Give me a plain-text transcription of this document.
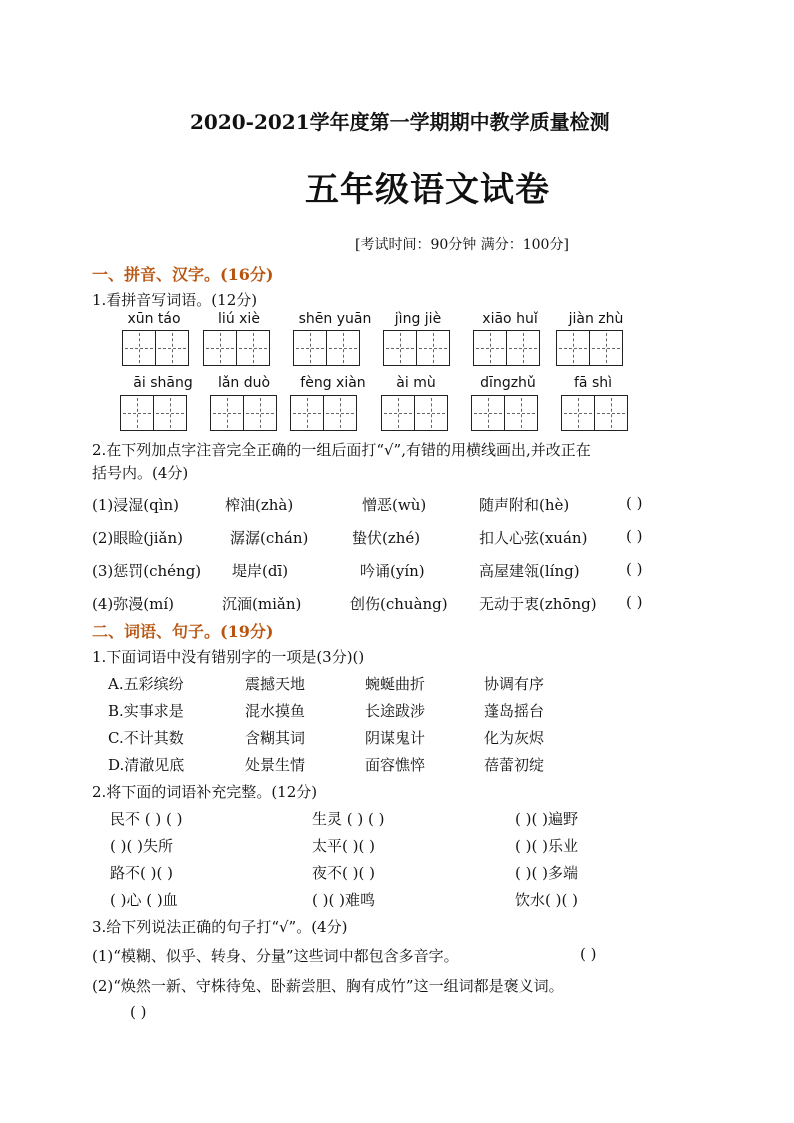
2020-2021学年度第一学期期中教学质量检测
五年级语文试卷
[考试时间：90分钟 满分：100分]
一、拼音、汉字。(16分)
1.看拼音写词语。(12分)
xūn táo	liú xiè	shēn yuān	jìng jiè	xiāo huǐ	jiàn zhù
āi shāng	lǎn duò	fèng xiàn	ài mù	dīngzhǔ	fā shì
2.在下列加点字注音完全正确的一组后面打“√”,有错的用横线画出,并改正在
括号内。(4分)
(1)浸湿(qìn)	榨油(zhà)	憎恶(wù)	随声附和(hè)	( )
(2)眼睑(jiǎn)	潺潺(chán)	蛰伏(zhé)	扣人心弦(xuán)	( )
(3)惩罚(chéng) 堤岸(dī)	吟诵(yín)	高屋建瓴(líng)	( )
(4)弥漫(mí)	沉湎(miǎn)	创伤(chuàng) 无动于衷(zhōng) ( )
二、词语、句子。(19分)
1.下面词语中没有错别字的一项是(3分)()
A.五彩缤纷	震撼天地	蜿蜒曲折	协调有序
B.实事求是	混水摸鱼	长途跋涉	蓬岛摇台
C.不计其数	含糊其词	阴谋鬼计	化为灰烬
D.清澈见底	处景生情	面容憔悴	蓓蕾初绽
2.将下面的词语补充完整。(12分)
民不 ( ) ( )	生灵 ( ) ( )	( )( )遍野
( )( )失所	太平( )( )	( )( )乐业
路不( )( )	夜不( )( )	( )( )多端
( )心 ( )血	( )( )难鸣	饮水( )( )
3.给下列说法正确的句子打“√”。(4分)
(1)“模糊、似乎、转身、分量”这些词中都包含多音字。	( )
(2)“焕然一新、守株待兔、卧薪尝胆、胸有成竹”这一组词都是褒义词。
( )
